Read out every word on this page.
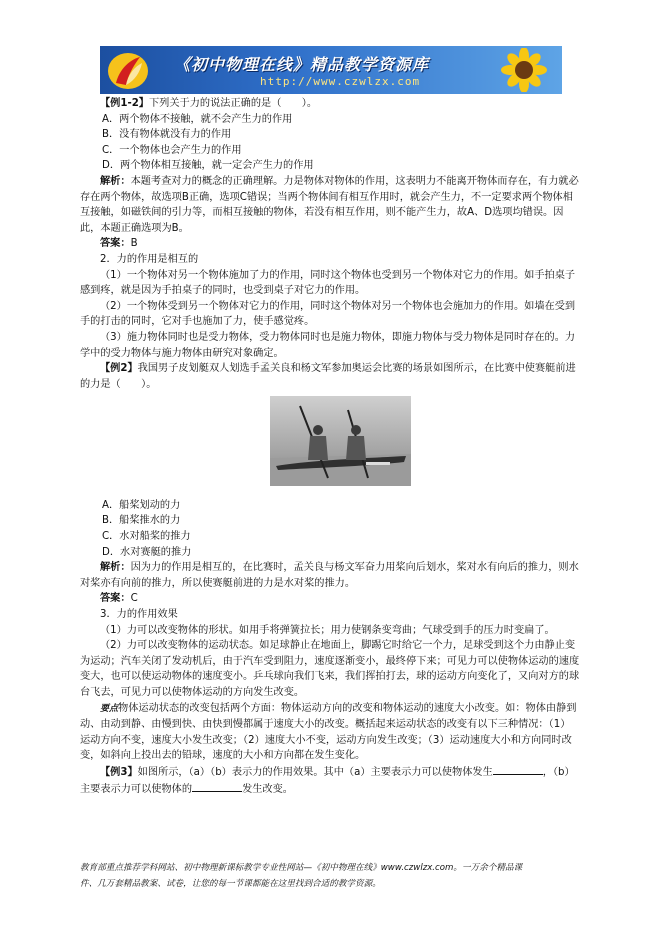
《初中物理在线》精品教学资源库
http://www.czwlzx.com

【例1-2】下列关于力的说法正确的是（　　）。

A．两个物体不接触，就不会产生力的作用

B．没有物体就没有力的作用

C．一个物体也会产生力的作用

D．两个物体相互接触，就一定会产生力的作用

解析：本题考查对力的概念的正确理解。力是物体对物体的作用，这表明力不能离开物体而存在，有力就必存在两个物体，故选项B正确，选项C错误；当两个物体间有相互作用时，就会产生力，不一定要求两个物体相互接触，如磁铁间的引力等，而相互接触的物体，若没有相互作用，则不能产生力，故A、D选项均错误。因此，本题正确选项为B。

答案：B

2．力的作用是相互的

（1）一个物体对另一个物体施加了力的作用，同时这个物体也受到另一个物体对它力的作用。如手拍桌子感到疼，就是因为手拍桌子的同时，也受到桌子对它力的作用。

（2）一个物体受到另一个物体对它力的作用，同时这个物体对另一个物体也会施加力的作用。如墙在受到手的打击的同时，它对手也施加了力，使手感觉疼。

（3）施力物体同时也是受力物体，受力物体同时也是施力物体，即施力物体与受力物体是同时存在的。力学中的受力物体与施力物体由研究对象确定。

【例2】我国男子皮划艇双人划选手孟关良和杨文军参加奥运会比赛的场景如图所示，在比赛中使赛艇前进的力是（　　）。

A．船桨划动的力

B．船桨推水的力

C．水对船桨的推力

D．水对赛艇的推力

解析：因为力的作用是相互的，在比赛时，孟关良与杨文军奋力用桨向后划水，桨对水有向后的推力，则水对桨亦有向前的推力，所以使赛艇前进的力是水对桨的推力。

答案：C

3．力的作用效果

（1）力可以改变物体的形状。如用手将弹簧拉长；用力使钢条变弯曲；气球受到手的压力时变扁了。

（2）力可以改变物体的运动状态。如足球静止在地面上，脚踢它时给它一个力，足球受到这个力由静止变为运动；汽车关闭了发动机后，由于汽车受到阻力，速度逐渐变小，最终停下来；可见力可以使物体运动的速度变大，也可以使运动物体的速度变小。乒乓球向我们飞来，我们挥拍打去，球的运动方向变化了，又向对方的球台飞去，可见力可以使物体运动的方向发生改变。

要点物体运动状态的改变包括两个方面：物体运动方向的改变和物体运动的速度大小改变。如：物体由静到动、由动到静、由慢到快、由快到慢都属于速度大小的改变。概括起来运动状态的改变有以下三种情况：（1）运动方向不变，速度大小发生改变；（2）速度大小不变，运动方向发生改变；（3）运动速度大小和方向同时改变，如斜向上投出去的铅球，速度的大小和方向都在发生变化。

【例3】如图所示，（a）（b）表示力的作用效果。其中（a）主要表示力可以使物体发生	，（b）主要表示力可以使物体的	发生改变。

教育部重点推荐学科网站、初中物理新课标教学专业性网站—《初中物理在线》www.czwlzx.com。一万余个精品课
件、几万套精品教案、试卷，让您的每一节课都能在这里找到合适的教学资源。
